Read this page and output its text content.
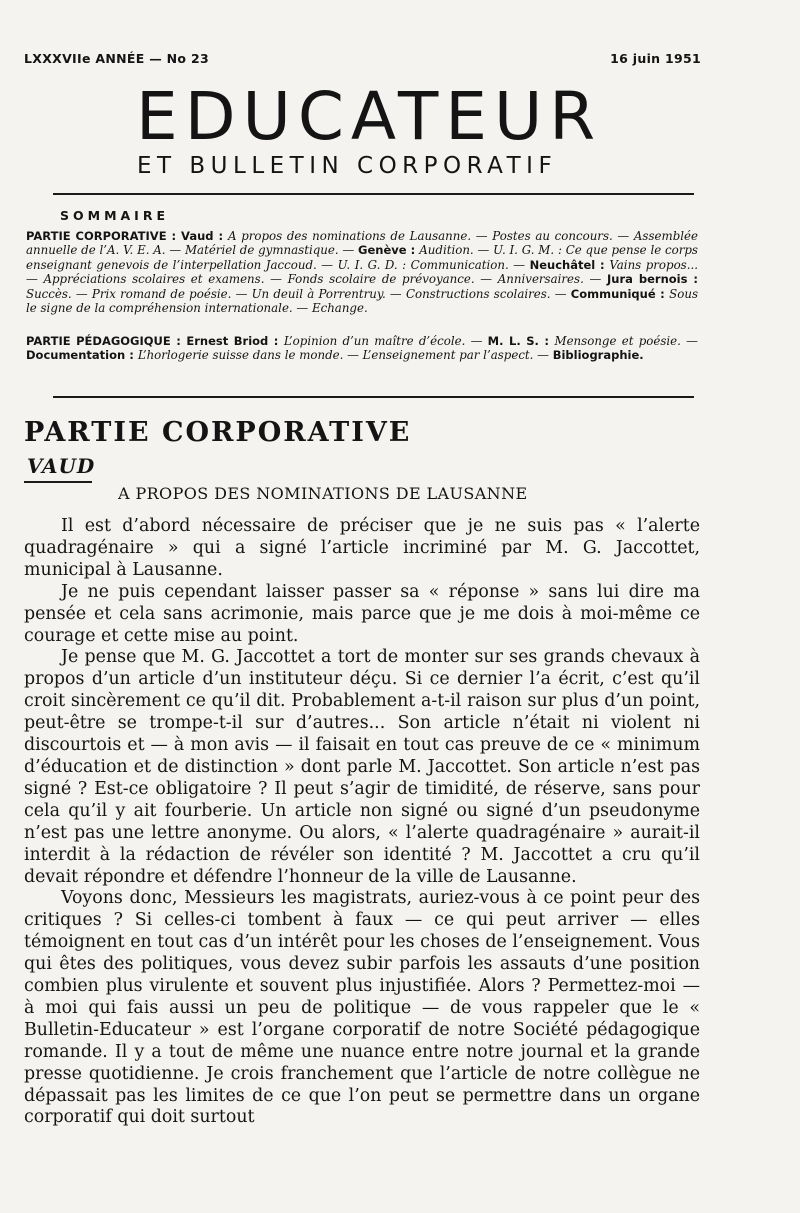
LXXXVIIe ANNÉE — No 23	16 juin 1951
EDUCATEUR
ET BULLETIN CORPORATIF
SOMMAIRE
PARTIE CORPORATIVE : Vaud : A propos des nominations de Lausanne. — Postes au concours. — Assemblée annuelle de l’A. V. E. A. — Matériel de gymnastique. — Genève : Audition. — U. I. G. M. : Ce que pense le corps enseignant genevois de l’interpellation Jaccoud. — U. I. G. D. : Communication. — Neuchâtel : Vains propos... — Appréciations scolaires et examens. — Fonds scolaire de prévoyance. — Anniversaires. — Jura bernois : Succès. — Prix romand de poésie. — Un deuil à Porrentruy. — Constructions scolaires. — Communiqué : Sous le signe de la compréhension internationale. — Echange.
PARTIE PÉDAGOGIQUE : Ernest Briod : L’opinion d’un maître d’école. — M. L. S. : Mensonge et poésie. — Documentation : L’horlogerie suisse dans le monde. — L’enseignement par l’aspect. — Bibliographie.
PARTIE CORPORATIVE
VAUD
A PROPOS DES NOMINATIONS DE LAUSANNE

Il est d’abord nécessaire de préciser que je ne suis pas « l’alerte quadragénaire » qui a signé l’article incriminé par M. G. Jaccottet, municipal à Lausanne.

Je ne puis cependant laisser passer sa « réponse » sans lui dire ma pensée et cela sans acrimonie, mais parce que je me dois à moi-même ce courage et cette mise au point.

Je pense que M. G. Jaccottet a tort de monter sur ses grands chevaux à propos d’un article d’un instituteur déçu. Si ce dernier l’a écrit, c’est qu’il croit sincèrement ce qu’il dit. Probablement a-t-il raison sur plus d’un point, peut-être se trompe-t-il sur d’autres... Son article n’était ni violent ni discourtois et — à mon avis — il faisait en tout cas preuve de ce « minimum d’éducation et de distinction » dont parle M. Jaccottet. Son article n’est pas signé ? Est-ce obligatoire ? Il peut s’agir de timidité, de réserve, sans pour cela qu’il y ait fourberie. Un article non signé ou signé d’un pseudonyme n’est pas une lettre anonyme. Ou alors, « l’alerte quadragénaire » aurait-il interdit à la rédaction de révéler son identité ? M. Jaccottet a cru qu’il devait répondre et défendre l’honneur de la ville de Lausanne.

Voyons donc, Messieurs les magistrats, auriez-vous à ce point peur des critiques ? Si celles-ci tombent à faux — ce qui peut arriver — elles témoignent en tout cas d’un intérêt pour les choses de l’enseignement. Vous qui êtes des politiques, vous devez subir parfois les assauts d’une position combien plus virulente et souvent plus injustifiée. Alors ? Permettez-moi — à moi qui fais aussi un peu de politique — de vous rappeler que le « Bulletin-Educateur » est l’organe corporatif de notre Société pédagogique romande. Il y a tout de même une nuance entre notre journal et la grande presse quotidienne. Je crois franchement que l’article de notre collègue ne dépassait pas les limites de ce que l’on peut se permettre dans un organe corporatif qui doit surtout
